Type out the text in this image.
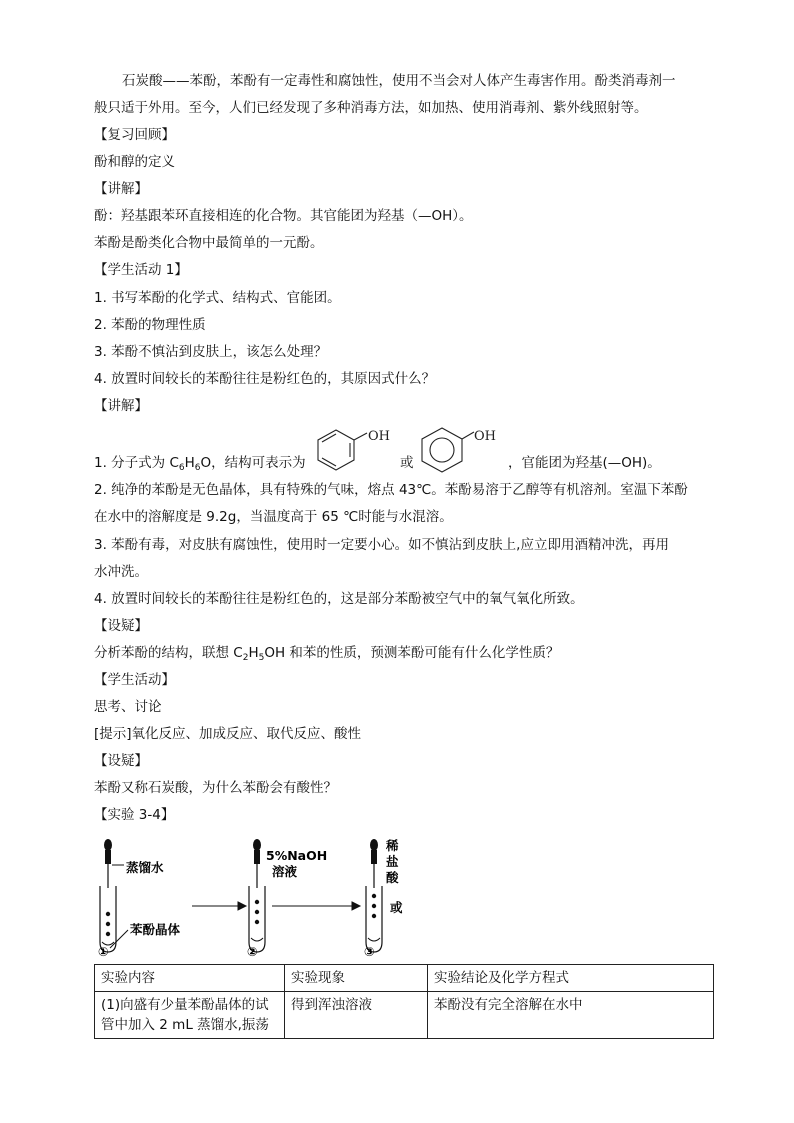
石炭酸——苯酚，苯酚有一定毒性和腐蚀性，使用不当会对人体产生毒害作用。酚类消毒剂一
般只适于外用。至今，人们已经发现了多种消毒方法，如加热、使用消毒剂、紫外线照射等。
【复习回顾】
酚和醇的定义
【讲解】
酚：羟基跟苯环直接相连的化合物。其官能团为羟基（—OH）。
苯酚是酚类化合物中最简单的一元酚。
【学生活动 1】
1. 书写苯酚的化学式、结构式、官能团。
2. 苯酚的物理性质
3. 苯酚不慎沾到皮肤上，该怎么处理？
4. 放置时间较长的苯酚往往是粉红色的，其原因式什么？
【讲解】
OH	OH
1. 分子式为 $C_6H_6O$，结构可表示为	或	，官能团为羟基(—OH)。
2. 纯净的苯酚是无色晶体，具有特殊的气味，熔点 43℃。苯酚易溶于乙醇等有机溶剂。室温下苯酚
在水中的溶解度是 9.2g，当温度高于 65 ℃时能与水混溶。
3. 苯酚有毒，对皮肤有腐蚀性，使用时一定要小心。如不慎沾到皮肤上,应立即用酒精冲洗，再用
水冲洗。
4. 放置时间较长的苯酚往往是粉红色的，这是部分苯酚被空气中的氧气氧化所致。
【设疑】
分析苯酚的结构，联想 $C_2H_5OH$ 和苯的性质，预测苯酚可能有什么化学性质？
【学生活动】
思考、讨论
[提示]氧化反应、加成反应、取代反应、酸性
【设疑】
苯酚又称石炭酸，为什么苯酚会有酸性？
【实验 3-4】
蒸馏水
苯酚晶体
①
5%NaOH
溶液
②
稀
盐
酸
或
③
实验内容	实验现象	实验结论及化学方程式

(1)向盛有少量苯酚晶体的试
管中加入 2 mL 蒸馏水,振荡	得到浑浊溶液	苯酚没有完全溶解在水中
